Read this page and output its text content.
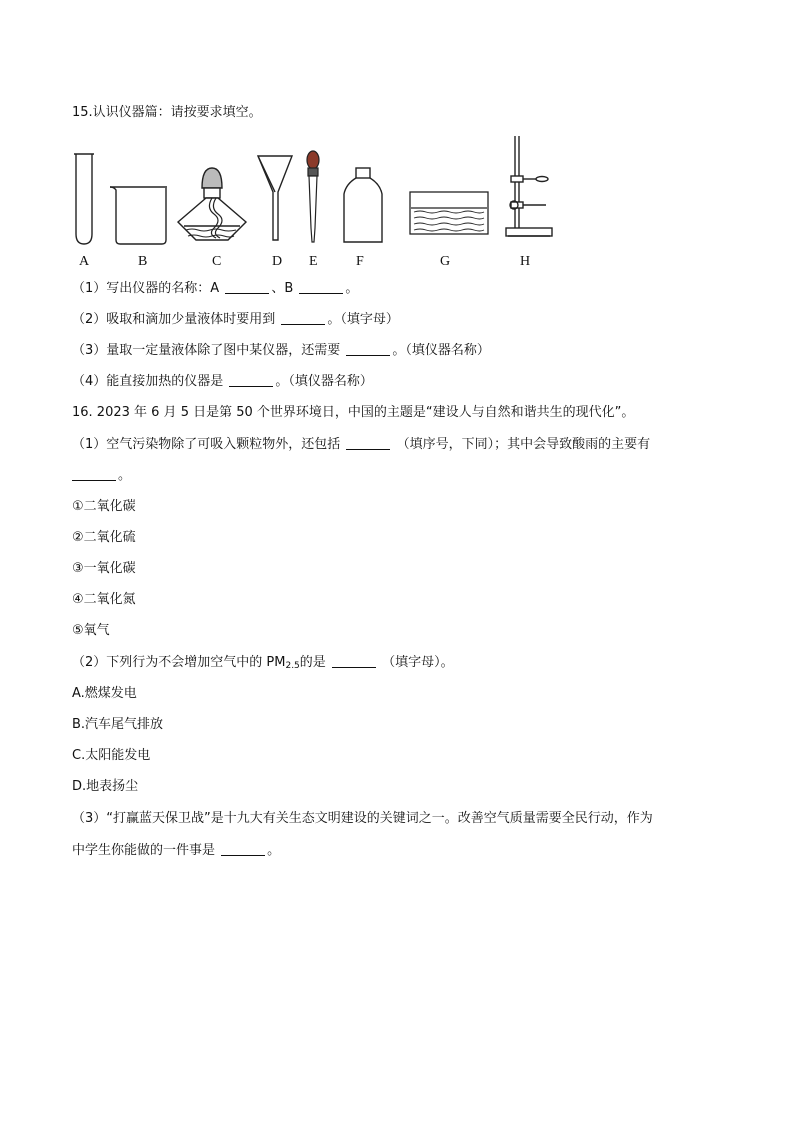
15.认识仪器篇：请按要求填空。
A	B	C	D E	F	G	H
（1）写出仪器的名称：A	、B	。
（2）吸取和滴加少量液体时要用到	。（填字母）
（3）量取一定量液体除了图中某仪器，还需要	。（填仪器名称）
（4）能直接加热的仪器是	。（填仪器名称）
16. 2023 年 6 月 5 日是第 50 个世界环境日，中国的主题是“建设人与自然和谐共生的现代化”。
（1）空气污染物除了可吸入颗粒物外，还包括	（填序号，下同）；其中会导致酸雨的主要有
。
①二氧化碳
②二氧化硫
③一氧化碳
④二氧化氮
⑤氧气
（2）下列行为不会增加空气中的 $PM_{2.5}$的是	（填字母）。
A.燃煤发电
B.汽车尾气排放
C.太阳能发电
D.地表扬尘
（3）“打赢蓝天保卫战”是十九大有关生态文明建设的关键词之一。改善空气质量需要全民行动，作为
中学生你能做的一件事是	。
